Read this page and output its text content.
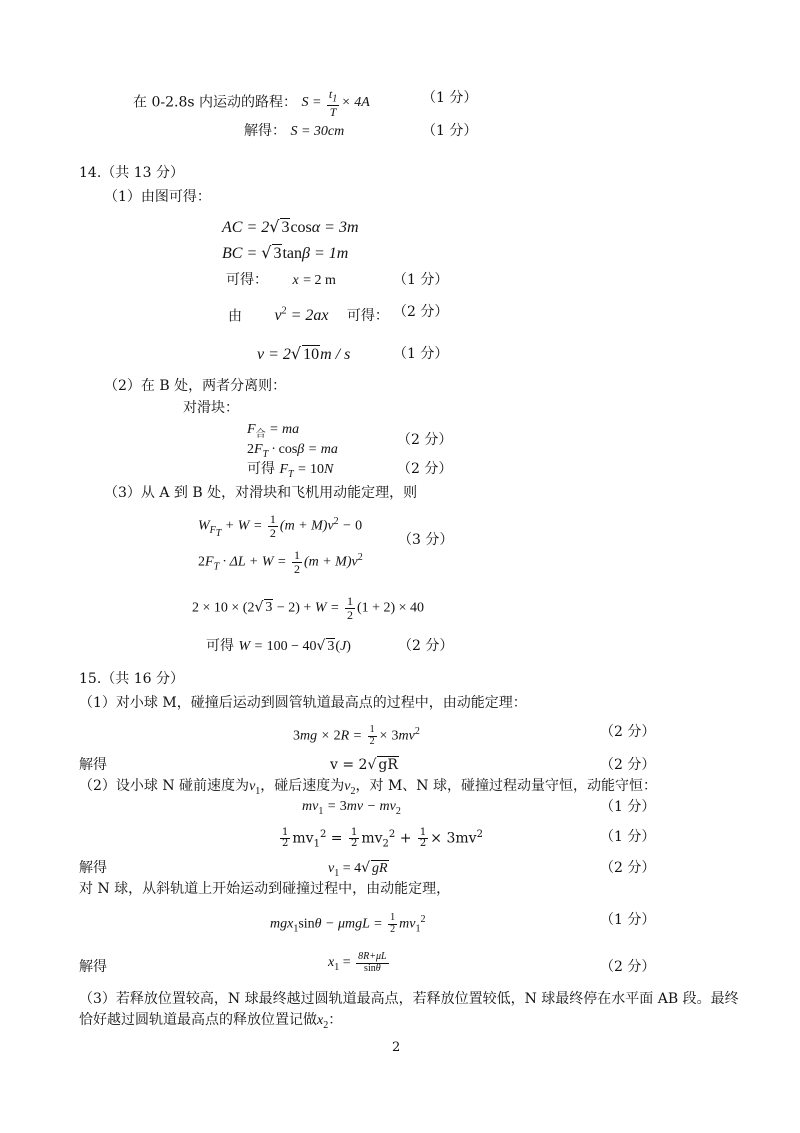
在 0-2.8s 内运动的路程： $S = \frac{t_1}{T} \times 4A$	（1 分）
解得： S = 30cm	（1 分）
14.（共 13 分）
（1）由图可得：
AC = 2√ 3cosα = 3m
BC = √ 3tanβ = 1m
可得： x = 2 m	（1 分）
由 $v^2 = 2ax$ 可得： （2 分）
v = 2√ 10m / s	（1 分）
（2）在 B 处，两者分离则：
对滑块：
$F_合$ = ma
$2F_T \cdot \cos\beta$ = ma
（2 分）
可得 $F_T = 10N$	（2 分）
（3）从 A 到 B 处，对滑块和飞机用动能定理，则
$W_{F_T} + W = \frac{1}{2} (m + M)v^2 - 0$
$2F_T \cdot \Delta L + W = \frac{1}{2} (m + M)v^2$
（3 分）
2 × 10 × (2√ $3 - 2) + W = \frac{1}{2} (1 + 2) \times 40$
可得 W = 100 − 40√ 3(J)	（2 分）
15.（共 16 分）
（1）对小球 M，碰撞后运动到圆管轨道最高点的过程中，由动能定理：
$3mg \times 2R = \frac{1}{2} \times 3mv^2$	（2 分）
解得	v = 2√ gR	（2 分）
（2）设小球 N 碰前速度为$v_1$，碰后速度为$v_2$，对 M、N 球，碰撞过程动量守恒，动能守恒：
$mv_1 = 3mv - mv_2$	（1 分）
$\frac{1}{2} mv_1^2 = \frac{1}{2} mv_2^2 + \frac{1}{2} \times 3mv^2$	（1 分）
解得	$v_1 = 4√$ gR	（2 分）
对 N 球，从斜轨道上开始运动到碰撞过程中，由动能定理，
$mgx_1\sin\theta - \mu mgL = \frac{1}{2} mv_1^2$	（1 分）
解得	$x_1 = \frac{8R+\mu L}{\sin\theta}$	（2 分）
（3）若释放位置较高，N 球最终越过圆轨道最高点，若释放位置较低，N 球最终停在水平面 AB 段。最终
恰好越过圆轨道最高点的释放位置记做$x_2$：
2
